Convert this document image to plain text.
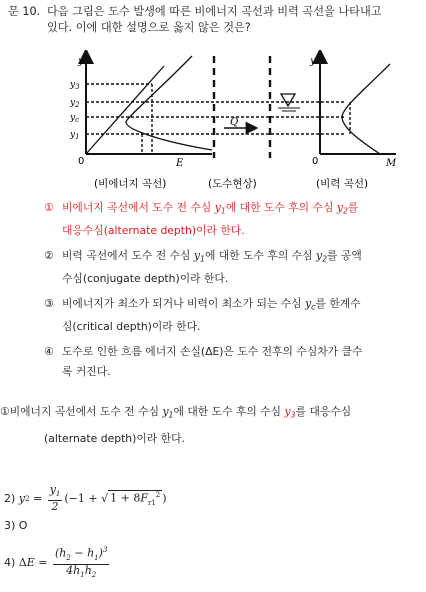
문 10. 다음 그림은 도수 발생에 따른 비에너지 곡선과 비력 곡선을 나타내고
있다. 이에 대한 설명으로 옳지 않은 것은?
y
$y_3$
$y_2$
$y_c$
$y_1$
0	E
Q
y
0	M
(비에너지 곡선)	(도수현상)	(비력 곡선)
① 비에너지 곡선에서 도수 전 수심 $y_1$에 대한 도수 후의 수심 $y_2$를
대응수심(alternate depth)이라 한다.
② 비력 곡선에서 도수 전 수심 $y_1$에 대한 도수 후의 수심 $y_2$를 공액
수심(conjugate depth)이라 한다.
③ 비에너지가 최소가 되거나 비력이 최소가 되는 수심 $y_c$를 한계수
심(critical depth)이라 한다.
④ 도수로 인한 흐름 에너지 손실(ΔE)은 도수 전후의 수심차가 클수
록 커진다.
①비에너지 곡선에서 도수 전 수심 $y_1$에 대한 도수 후의 수심 $y_3$를 대응수심
(alternate depth)이라 한다.
2) y $2 = \frac{y_1}{2} (-1$ + √ $1 + 8F_{r1}^2$ )
3) O
4) Δ $E = \frac{(h_2 - h_1)^3}{4h_1h_2}$
